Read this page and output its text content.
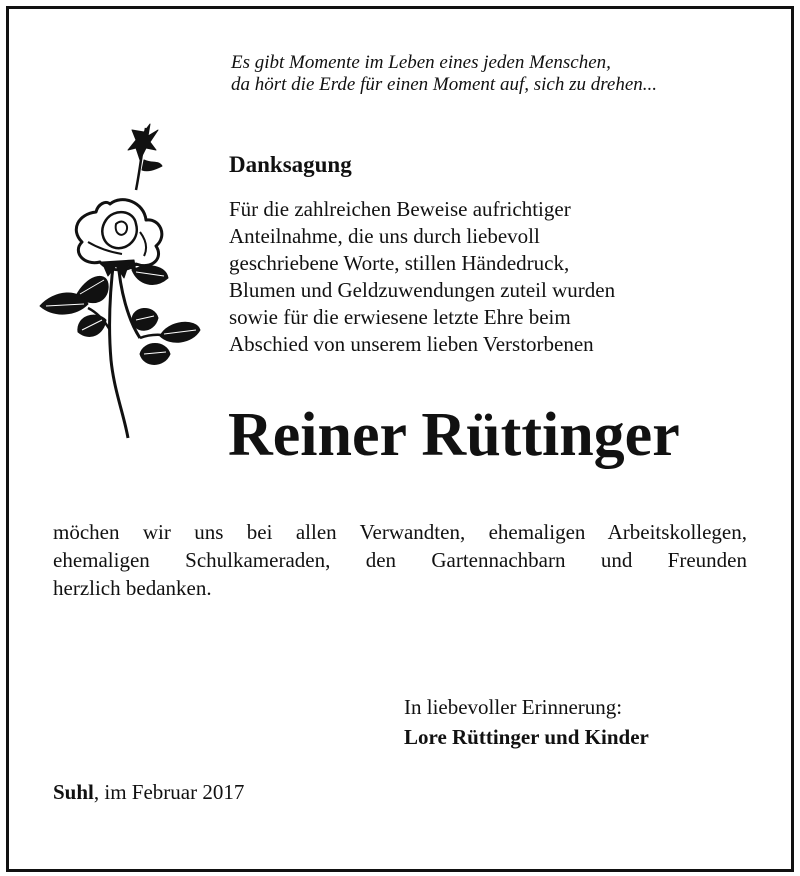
Es gibt Momente im Leben eines jeden Menschen,
da hört die Erde für einen Moment auf, sich zu drehen...
Danksagung
Für die zahlreichen Beweise aufrichtiger
Anteilnahme, die uns durch liebevoll
geschriebene Worte, stillen Händedruck,
Blumen und Geldzuwendungen zuteil wurden
sowie für die erwiesene letzte Ehre beim
Abschied von unserem lieben Verstorbenen
Reiner Rüttinger
möchen wir uns bei allen Verwandten, ehemaligen Arbeitskollegen,
ehemaligen Schulkameraden, den Gartennachbarn und Freunden
herzlich bedanken.
In liebevoller Erinnerung:
Lore Rüttinger und Kinder
Suhl, im Februar 2017
